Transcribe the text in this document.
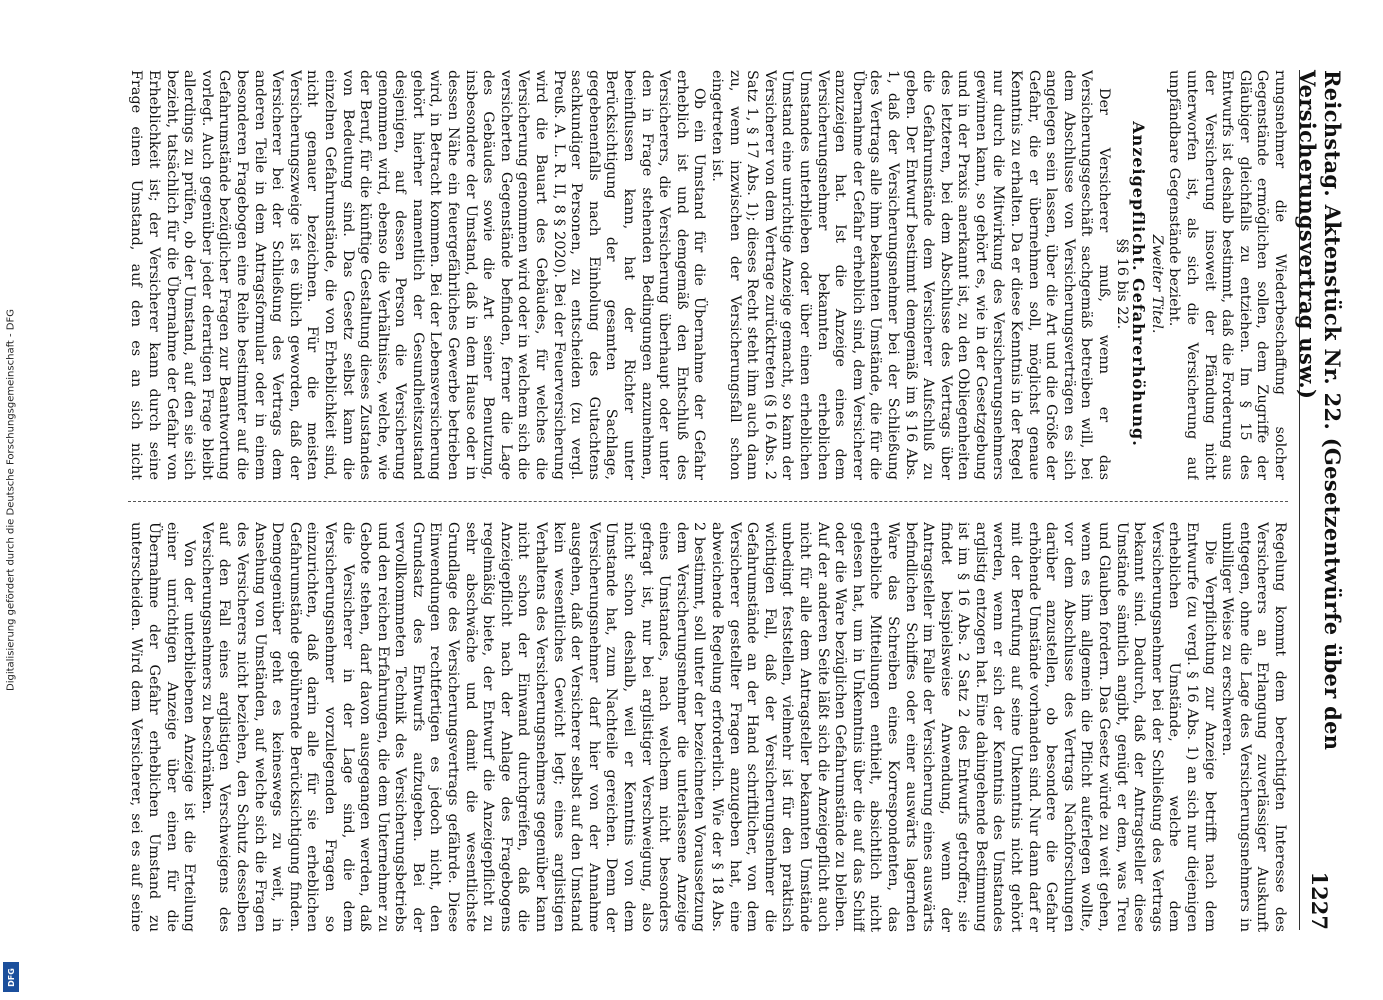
Digitalisierung gefördert durch die Deutsche Forschungsgemeinschaft - DFG
DFG
Reichstag. Aktenstück Nr. 22. (Gesetzentwürfe über den Versicherungsvertrag usw.)
1227

rungsnehmer die Wiederbeschaffung solcher Gegenstände ermöglichen sollen, dem Zugriffe der Gläubiger gleichfalls zu entziehen. Im § 15 des Entwurfs ist deshalb bestimmt, daß die Forderung aus der Versicherung insoweit der Pfändung nicht unterworfen ist, als sich die Versicherung auf unpfändbare Gegenstände bezieht.

Zweiter Titel.

Anzeigepflicht. Gefahrerhöhung.

§§ 16 bis 22.

Der Versicherer muß, wenn er das Versicherungsgeschäft sachgemäß betreiben will, bei dem Abschlusse von Versicherungsverträgen es sich angelegen sein lassen, über die Art und die Größe der Gefahr, die er übernehmen soll, möglichst genaue Kenntnis zu erhalten. Da er diese Kenntnis in der Regel nur durch die Mitwirkung des Versicherungsnehmers gewinnen kann, so gehört es, wie in der Gesetzgebung und in der Praxis anerkannt ist, zu den Obliegenheiten des letzteren, bei dem Abschlusse des Vertrags über die Gefahrumstände dem Versicherer Aufschluß zu geben. Der Entwurf bestimmt demgemäß im § 16 Abs. 1, daß der Versicherungsnehmer bei der Schließung des Vertrags alle ihm bekannten Umstände, die für die Übernahme der Gefahr erheblich sind, dem Versicherer anzuzeigen hat. Ist die Anzeige eines dem Versicherungsnehmer bekannten erheblichen Umstandes unterblieben oder über einen erheblichen Umstand eine unrichtige Anzeige gemacht, so kann der Versicherer von dem Vertrage zurücktreten (§ 16 Abs. 2 Satz 1, § 17 Abs. 1); dieses Recht steht ihm auch dann zu, wenn inzwischen der Versicherungsfall schon eingetreten ist.

Ob ein Umstand für die Übernahme der Gefahr erheblich ist und demgemäß den Entschluß des Versicherers, die Versicherung überhaupt oder unter den in Frage stehenden Bedingungen anzunehmen, beeinflussen kann, hat der Richter unter Berücksichtigung der gesamten Sachlage, gegebenenfalls nach Einholung des Gutachtens sachkundiger Personen, zu entscheiden (zu vergl. Preuß. A. L. R. II, 8 § 2020). Bei der Feuerversicherung wird die Bauart des Gebäudes, für welches die Versicherung genommen wird oder in welchem sich die versicherten Gegenstände befinden, ferner die Lage des Gebäudes sowie die Art seiner Benutzung, insbesondere der Umstand, daß in dem Hause oder in dessen Nähe ein feuergefährliches Gewerbe betrieben wird, in Betracht kommen. Bei der Lebensversicherung gehört hierher namentlich der Gesundheitszustand desjenigen, auf dessen Person die Versicherung genommen wird, ebenso die Verhältnisse, welche, wie der Beruf, für die künftige Gestaltung dieses Zustandes von Bedeutung sind. Das Gesetz selbst kann die einzelnen Gefahrumstände, die von Erheblichkeit sind, nicht genauer bezeichnen. Für die meisten Versicherungszweige ist es üblich geworden, daß der Versicherer bei der Schließung des Vertrags dem anderen Teile in dem Antragsformular oder in einem besonderen Fragebogen eine Reihe bestimmter auf die Gefahrumstände bezüglicher Fragen zur Beantwortung vorlegt. Auch gegenüber jeder derartigen Frage bleibt allerdings zu prüfen, ob der Umstand, auf den sie sich bezieht, tatsächlich für die Übernahme der Gefahr von Erheblichkeit ist; der Versicherer kann durch seine Frage einen Umstand, auf den es an sich nicht

Regelung kommt dem berechtigten Interesse des Versicherers an Erlangung zuverlässiger Auskunft entgegen, ohne die Lage des Versicherungsnehmers in unbilliger Weise zu erschweren.

Die Verpflichtung zur Anzeige betrifft nach dem Entwurfe (zu vergl. § 16 Abs. 1) an sich nur diejenigen erheblichen Umstände, welche dem Versicherungsnehmer bei der Schließung des Vertrags bekannt sind. Dadurch, daß der Antragsteller diese Umstände sämtlich angibt, genügt er dem, was Treu und Glauben fordern. Das Gesetz würde zu weit gehen, wenn es ihm allgemein die Pflicht auferlegen wollte, vor dem Abschlusse des Vertrags Nachforschungen darüber anzustellen, ob besondere die Gefahr erhöhende Umstände vorhanden sind. Nur dann darf er mit der Berufung auf seine Unkenntnis nicht gehört werden, wenn er sich der Kenntnis des Umstandes arglistig entzogen hat. Eine dahingehende Bestimmung ist im § 16 Abs. 2 Satz 2 des Entwurfs getroffen; sie findet beispielsweise Anwendung, wenn der Antragsteller im Falle der Versicherung eines auswärts befindlichen Schiffes oder einer auswärts lagernden Ware das Schreiben eines Korrespondenten, das erhebliche Mitteilungen enthielt, absichtlich nicht gelesen hat, um in Unkenntnis über die auf das Schiff oder die Ware bezüglichen Gefahrumstände zu bleiben. Auf der anderen Seite läßt sich die Anzeigepflicht auch nicht für alle dem Antragsteller bekannten Umstände unbedingt feststellen, vielmehr ist für den praktisch wichtigen Fall, daß der Versicherungsnehmer die Gefahrumstände an der Hand schriftlicher, von dem Versicherer gestellter Fragen anzugeben hat, eine abweichende Regelung erforderlich. Wie der § 18 Abs. 2 bestimmt, soll unter der bezeichneten Voraussetzung dem Versicherungsnehmer die unterlassene Anzeige eines Umstandes, nach welchem nicht besonders gefragt ist, nur bei arglistiger Verschweigung, also nicht schon deshalb, weil er Kenntnis von dem Umstande hat, zum Nachteile gereichen. Denn der Versicherungsnehmer darf hier von der Annahme ausgehen, daß der Versicherer selbst auf den Umstand kein wesentliches Gewicht legt; eines arglistigen Verhaltens des Versicherungsnehmers gegenüber kann nicht schon der Einwand durchgreifen, daß die Anzeigepflicht nach der Anlage des Fragebogens regelmäßig biete, der Entwurf die Anzeigepflicht zu sehr abschwäche und damit die wesentlichste Grundlage des Versicherungsvertrags gefährde. Diese Einwendungen rechtfertigen es jedoch nicht, den Grundsatz des Entwurfs aufzugeben. Bei der vervollkommneten Technik des Versicherungsbetriebs und den reichen Erfahrungen, die dem Unternehmer zu Gebote stehen, darf davon ausgegangen werden, daß die Versicherer in der Lage sind, die dem Versicherungsnehmer vorzulegenden Fragen so einzurichten, daß darin alle für sie erheblichen Gefahrumstände gebührende Berücksichtigung finden. Demgegenüber geht es keineswegs zu weit, in Ansehung von Umständen, auf welche sich die Fragen des Versicherers nicht beziehen, den Schutz desselben auf den Fall eines arglistigen Verschweigens des Versicherungsnehmers zu beschränken.

Von der unterbliebenen Anzeige ist die Erteilung einer unrichtigen Anzeige über einen für die Übernahme der Gefahr erheblichen Umstand zu unterscheiden. Wird dem Versicherer, sei es auf seine
